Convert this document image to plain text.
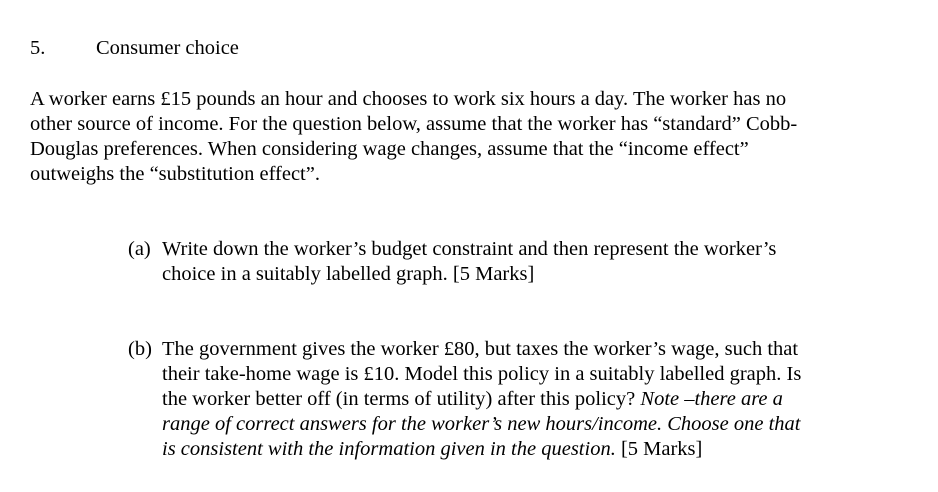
5. Consumer choice
A worker earns £15 pounds an hour and chooses to work six hours a day. The worker has no
other source of income. For the question below, assume that the worker has “standard” Cobb-
Douglas preferences. When considering wage changes, assume that the “income effect”
outweighs the “substitution effect”.
(a) Write down the worker’s budget constraint and then represent the worker’s
choice in a suitably labelled graph. [5 Marks]
(b) The government gives the worker £80, but taxes the worker’s wage, such that
their take-home wage is £10. Model this policy in a suitably labelled graph. Is
the worker better off (in terms of utility) after this policy? Note –there are a
range of correct answers for the worker’s new hours/income. Choose one that
is consistent with the information given in the question. [5 Marks]
